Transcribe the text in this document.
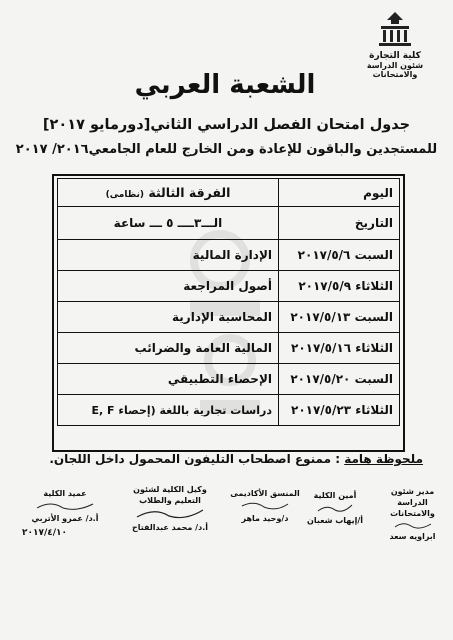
كلية التجارة
شئون الدراسة والامتحانات
الشعبة العربي
جدول امتحان الفصل الدراسي الثاني[دورمايو ٢٠١٧]
للمستجدين والباقون للإعادة ومن الخارج للعام الجامعي٢٠١٦/ ٢٠١٧
اليوم	الفرقة الثالثة (نظامى)

التاريخ	الـــ٣ــــ ٥ ـــ ساعة

السبت ٢٠١٧/٥/٦	الإدارة المالية
الثلاثاء ٢٠١٧/٥/٩	أصول المراجعة
السبت ٢٠١٧/٥/١٣	المحاسبة الإدارية
الثلاثاء ٢٠١٧/٥/١٦	المالية العامة والضرائب
السبت ٢٠١٧/٥/٢٠	الإحصاء التطبيقي
الثلاثاء ٢٠١٧/٥/٢٣	دراسات تجارية باللغة (إحصاء E, F
ملحوظة هامة : ممنوع اصطحاب التليفون المحمول داخل اللجان.
مدير شئون الدراسة والامتحانات
ابراويه سعد
أمين الكلية
أ/إيهاب شعبان
المنسق الأكاديمى
د/وحيد ماهر
وكيل الكلية لشئون التعليم والطلاب
أ.د/ محمد عبدالفتاح
عميد الكلية
أ.د/ عمرو الأتربي
٢٠١٧/٤/١٠
